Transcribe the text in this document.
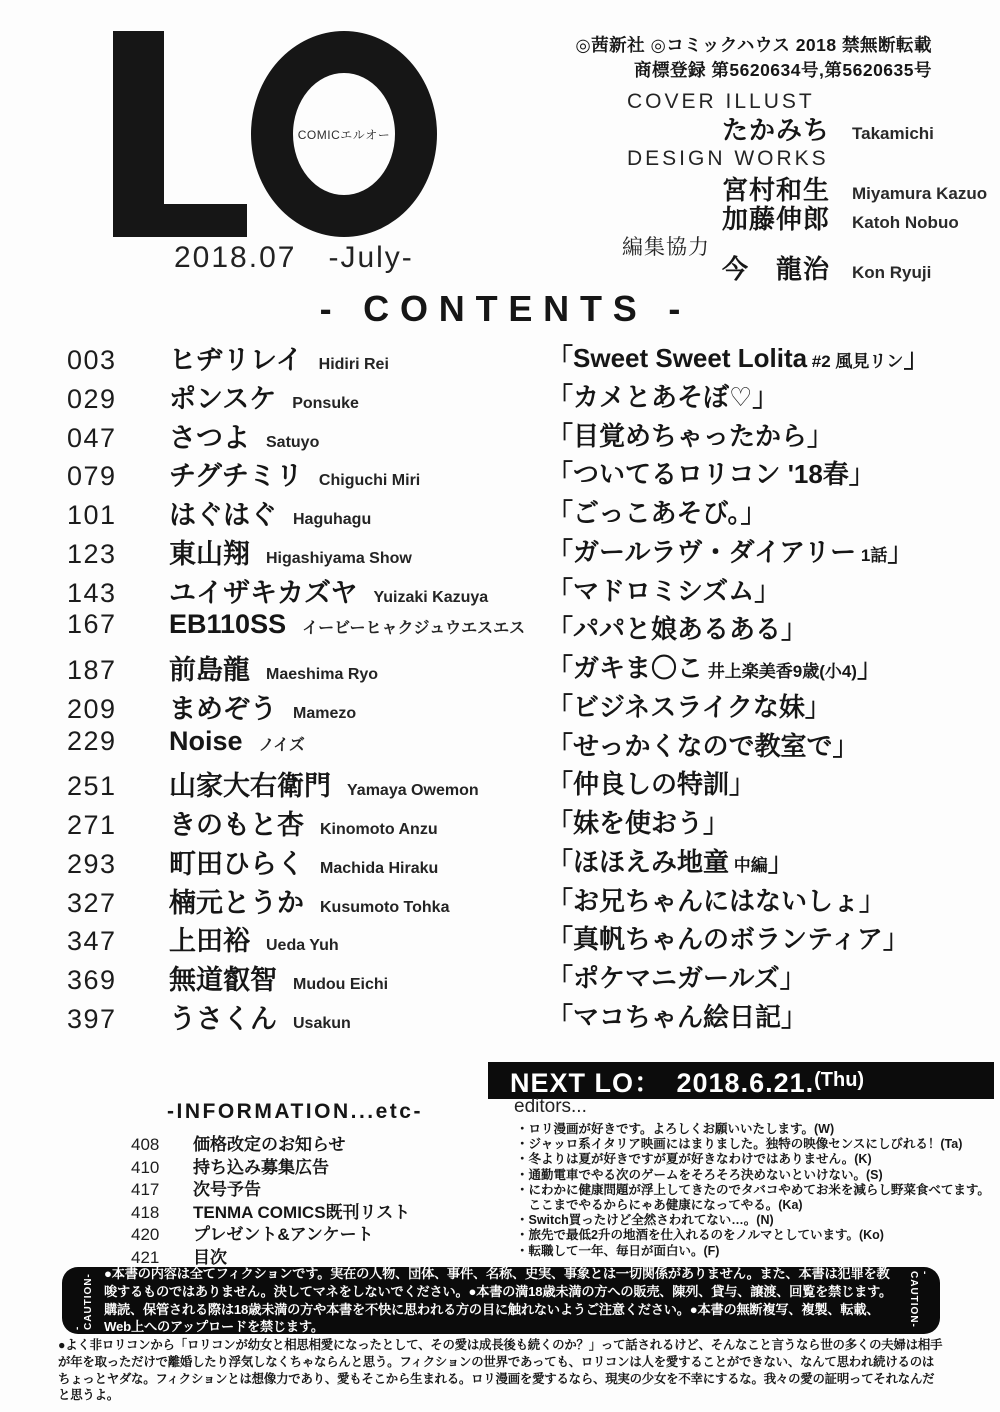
COMICエルオー
2018.07 -July-
◎茜新社 ◎コミックハウス 2018 禁無断転載
商標登録 第5620634号,第5620635号
COVER ILLUST
たかみち Takamichi
DESIGN WORKS
宮村和生 Miyamura Kazuo
加藤伸郎 Katoh Nobuo
編集協力
今　龍治 Kon Ryuji
- CONTENTS -
003	ヒヂリレイ Hidiri Rei	「Sweet Sweet Lolita #2 風見リン」
029	ポンスケ Ponsuke	「カメとあそぼ♡」
047	さつよ Satuyo	「目覚めちゃったから」
079	チグチミリ Chiguchi Miri	「ついてるロリコン '18春」
101	はぐはぐ Haguhagu	「ごっこあそび。」
123	東山翔 Higashiyama Show	「ガールラヴ・ダイアリー 1話」
143	ユイザキカズヤ Yuizaki Kazuya 「マドロミシズム」
167	EB110SS イービーヒャクジュウエスエス 「パパと娘あるある」
187	前島龍 Maeshima Ryo	「ガキま〇こ 井上楽美香9歳(小4)」
209	まめぞう Mamezo	「ビジネスライクな妹」
229	Noise ノイズ	「せっかくなので教室で」
251	山家大右衛門 Yamaya Owemon	「仲良しの特訓」
271	きのもと杏 Kinomoto Anzu	「妹を使おう」
293	町田ひらく Machida Hiraku	「ほほえみ地童 中編」
327	楠元とうか Kusumoto Tohka	「お兄ちゃんにはないしょ」
347	上田裕 Ueda Yuh	「真帆ちゃんのボランティア」
369	無道叡智 Mudou Eichi	「ポケマニガールズ」
397	うさくん Usakun	「マコちゃん絵日記」
NEXT LO：　2018.6.21. (Thu)
-INFORMATION...etc-
408	価格改定のお知らせ
410	持ち込み募集広告
417	次号予告
418	TENMA COMICS既刊リスト
420	プレゼント&アンケート
421	目次
editors...
・ロリ漫画が好きです。よろしくお願いいたします。(W)
・ジャッロ系イタリア映画にはまりました。独特の映像センスにしびれる！(Ta)
・冬よりは夏が好きですが夏が好きなわけではありません。(K)
・通勤電車でやる次のゲームをそろそろ決めないといけない。(S)
・にわかに健康問題が浮上してきたのでタバコやめてお米を減らし野菜食べてます。
　ここまでやるからにゃあ健康になってやる。(Ka)
・Switch買ったけど全然さわれてない…。(N)
・旅先で最低2升の地酒を仕入れるのをノルマとしています。(Ko)
・転職して一年、毎日が面白い。(F)
-CAUTION- ●本書の内容は全てフィクションです。実在の人物、団体、事件、名称、史実、事象とは一切関係がありません。また、本書は犯罪を教唆するものではありません。決してマネをしないでください。●本書の満18歳未満の方への販売、陳列、貸与、譲渡、回覧を禁じます。購読、保管される際は18歳未満の方や本書を不快に思われる方の目に触れないようご注意ください。●本書の無断複写、複製、転載、Web上へのアップロードを禁じます。
-CAUTION-
●よく非ロリコンから「ロリコンが幼女と相思相愛になったとして、その愛は成長後も続くのか？」って話されるけど、そんなこと言うなら世の多くの夫婦は相手が年を取っただけで離婚したり浮気しなくちゃならんと思う。フィクションの世界であっても、ロリコンは人を愛することができない、なんて思われ続けるのはちょっとヤダな。フィクションとは想像力であり、愛もそこから生まれる。ロリ漫画を愛するなら、現実の少女を不幸にするな。我々の愛の証明ってそれなんだと思うよ。
